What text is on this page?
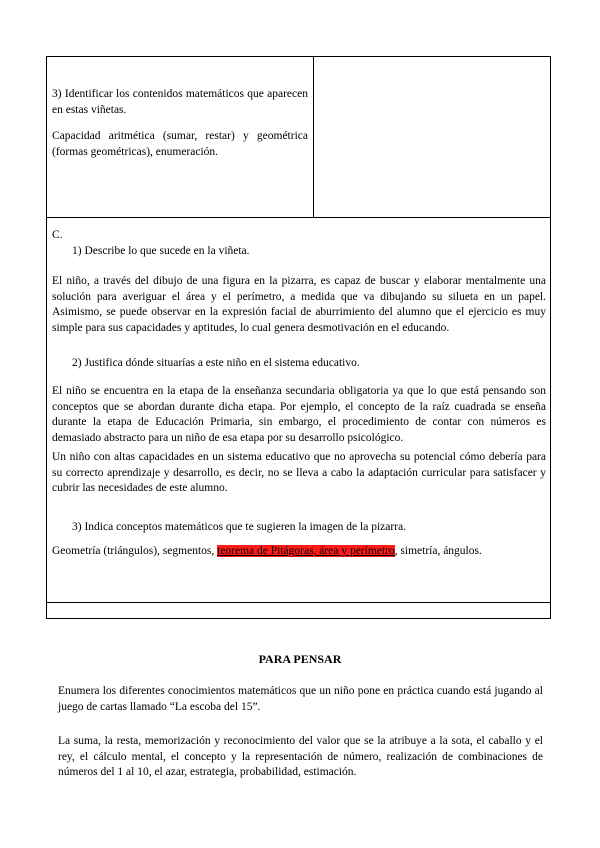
3) Identificar los contenidos matemáticos que aparecen en estas viñetas.

Capacidad aritmética (sumar, restar) y geométrica (formas geométricas), enumeración.

C.

1) Describe lo que sucede en la viñeta.

El niño, a través del dibujo de una figura en la pizarra, es capaz de buscar y elaborar mentalmente una solución para averiguar el área y el perímetro, a medida que va dibujando su silueta en un papel. Asimismo, se puede observar en la expresión facial de aburrimiento del alumno que el ejercicio es muy simple para sus capacidades y aptitudes, lo cual genera desmotivación en el educando.

2) Justifica dónde situarías a este niño en el sistema educativo.

El niño se encuentra en la etapa de la enseñanza secundaria obligatoria ya que lo que está pensando son conceptos que se abordan durante dicha etapa. Por ejemplo, el concepto de la raíz cuadrada se enseña durante la etapa de Educación Primaria, sin embargo, el procedimiento de contar con números es demasiado abstracto para un niño de esa etapa por su desarrollo psicológico.

Un niño con altas capacidades en un sistema educativo que no aprovecha su potencial cómo debería para su correcto aprendizaje y desarrollo, es decir, no se lleva a cabo la adaptación curricular para satisfacer y cubrir las necesidades de este alumno.

3) Indica conceptos matemáticos que te sugieren la imagen de la pizarra.

Geometría (triángulos), segmentos, teorema de Pitágoras, área y perímetro, simetría, ángulos.

PARA PENSAR

Enumera los diferentes conocimientos matemáticos que un niño pone en práctica cuando está jugando al juego de cartas llamado “La escoba del 15”.

La suma, la resta, memorización y reconocimiento del valor que se la atribuye a la sota, el caballo y el rey, el cálculo mental, el concepto y la representación de número, realización de combinaciones de números del 1 al 10, el azar, estrategia, probabilidad, estimación.
